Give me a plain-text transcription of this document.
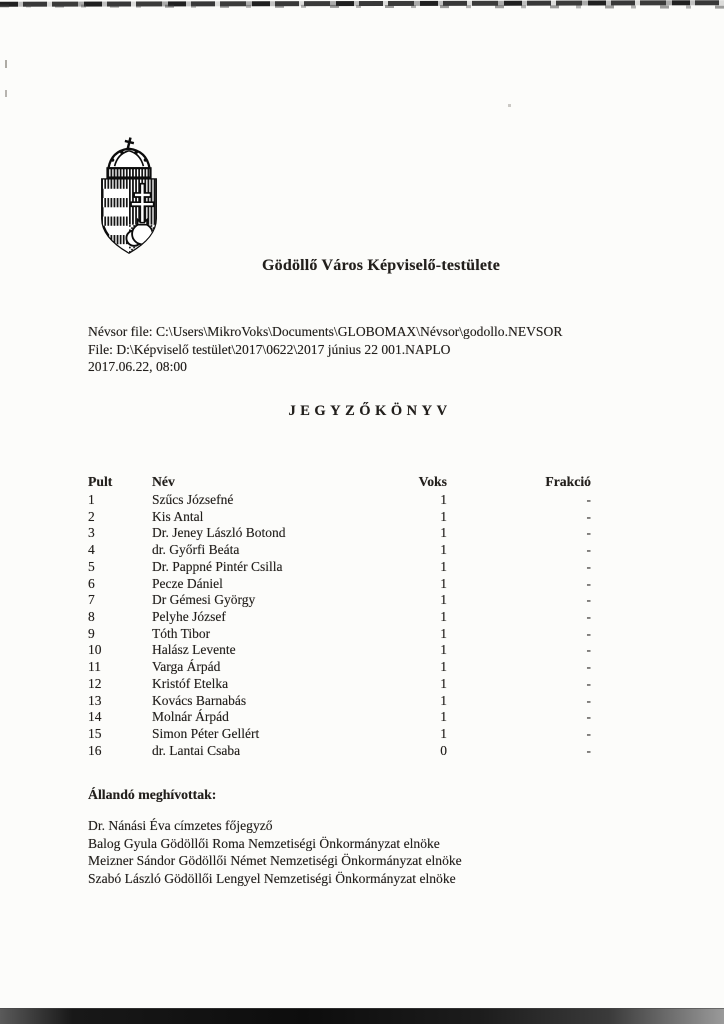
Gödöllő Város Képviselő-testülete
Névsor file: C:\Users\MikroVoks\Documents\GLOBOMAX\Névsor\godollo.NEVSOR
File: D:\Képviselő testület\2017\0622\2017 június 22 001.NAPLO
2017.06.22, 08:00
JEGYZŐKÖNYV
Pult	Név	Voks	Frakció
1	Szűcs Józsefné	1	-
2	Kis Antal	1	-
3	Dr. Jeney László Botond	1	-
4	dr. Győrfi Beáta	1	-
5	Dr. Pappné Pintér Csilla	1	-
6	Pecze Dániel	1	-
7	Dr Gémesi György	1	-
8	Pelyhe József	1	-
9	Tóth Tibor	1	-
10	Halász Levente	1	-
11	Varga Árpád	1	-
12	Kristóf Etelka	1	-
13	Kovács Barnabás	1	-
14	Molnár Árpád	1	-
15	Simon Péter Gellért	1	-
16	dr. Lantai Csaba	0	-
Állandó meghívottak:
Dr. Nánási Éva címzetes főjegyző
Balog Gyula Gödöllői Roma Nemzetiségi Önkormányzat elnöke
Meizner Sándor Gödöllői Német Nemzetiségi Önkormányzat elnöke
Szabó László Gödöllői Lengyel Nemzetiségi Önkormányzat elnöke
